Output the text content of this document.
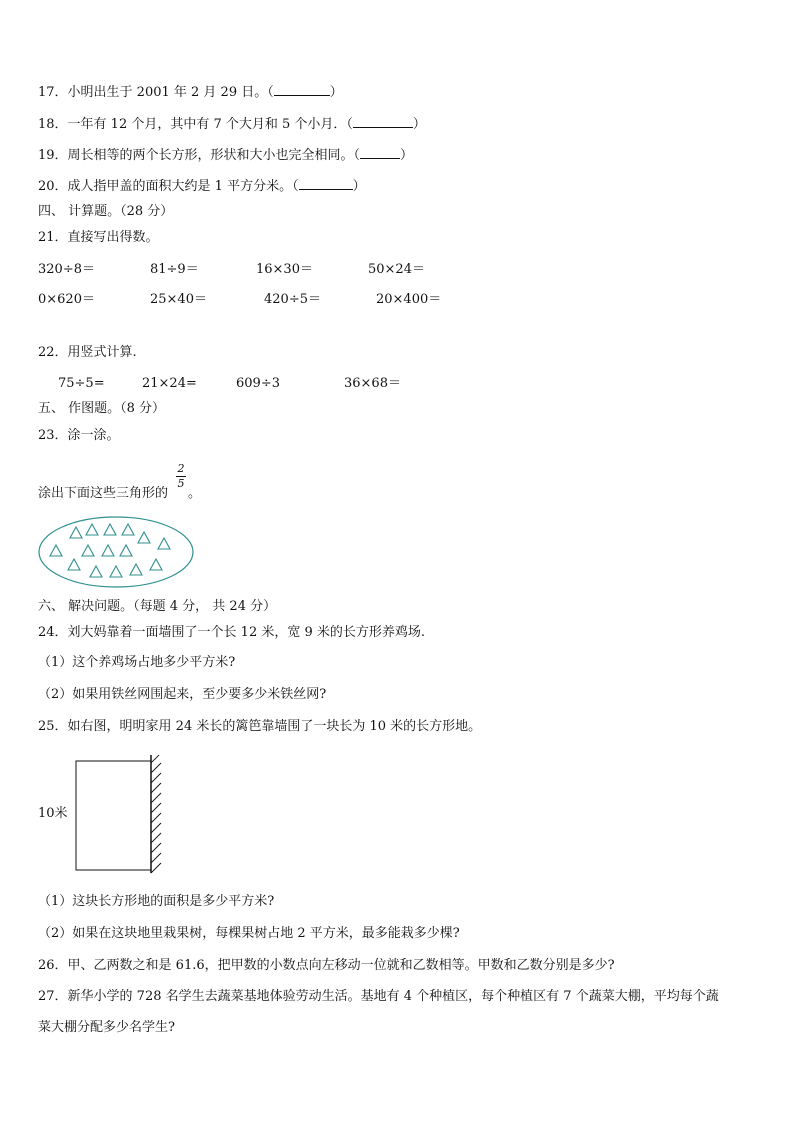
17．小明出生于 2001 年 2 月 29 日。（	）
18．一年有 12 个月，其中有 7 个大月和 5 个小月．（	）
19．周长相等的两个长方形，形状和大小也完全相同。（	）
20．成人指甲盖的面积大约是 1 平方分米。（	）
四、 计算题。（28 分）
21．直接写出得数。
320÷8＝	81÷9＝	16×30＝	50×24＝
0×620＝	25×40＝	420÷5＝	20×400＝
22．用竖式计算.
75÷5=	21×24=	609÷3	36×68＝
五、 作图题。（8 分）
23．涂一涂。
涂出下面这些三角形的
2
5
。
六、 解决问题。（每题 4 分， 共 24 分）
24．刘大妈靠着一面墙围了一个长 12 米，宽 9 米的长方形养鸡场.
（1）这个养鸡场占地多少平方米?
（2）如果用铁丝网围起来，至少要多少米铁丝网?
25．如右图，明明家用 24 米长的篱笆靠墙围了一块长为 10 米的长方形地。
10米
（1）这块长方形地的面积是多少平方米?
（2）如果在这块地里栽果树，每棵果树占地 2 平方米，最多能栽多少棵?
26．甲、乙两数之和是 61.6，把甲数的小数点向左移动一位就和乙数相等。甲数和乙数分别是多少?
27．新华小学的 728 名学生去蔬菜基地体验劳动生活。基地有 4 个种植区，每个种植区有 7 个蔬菜大棚，平均每个蔬
菜大棚分配多少名学生?
